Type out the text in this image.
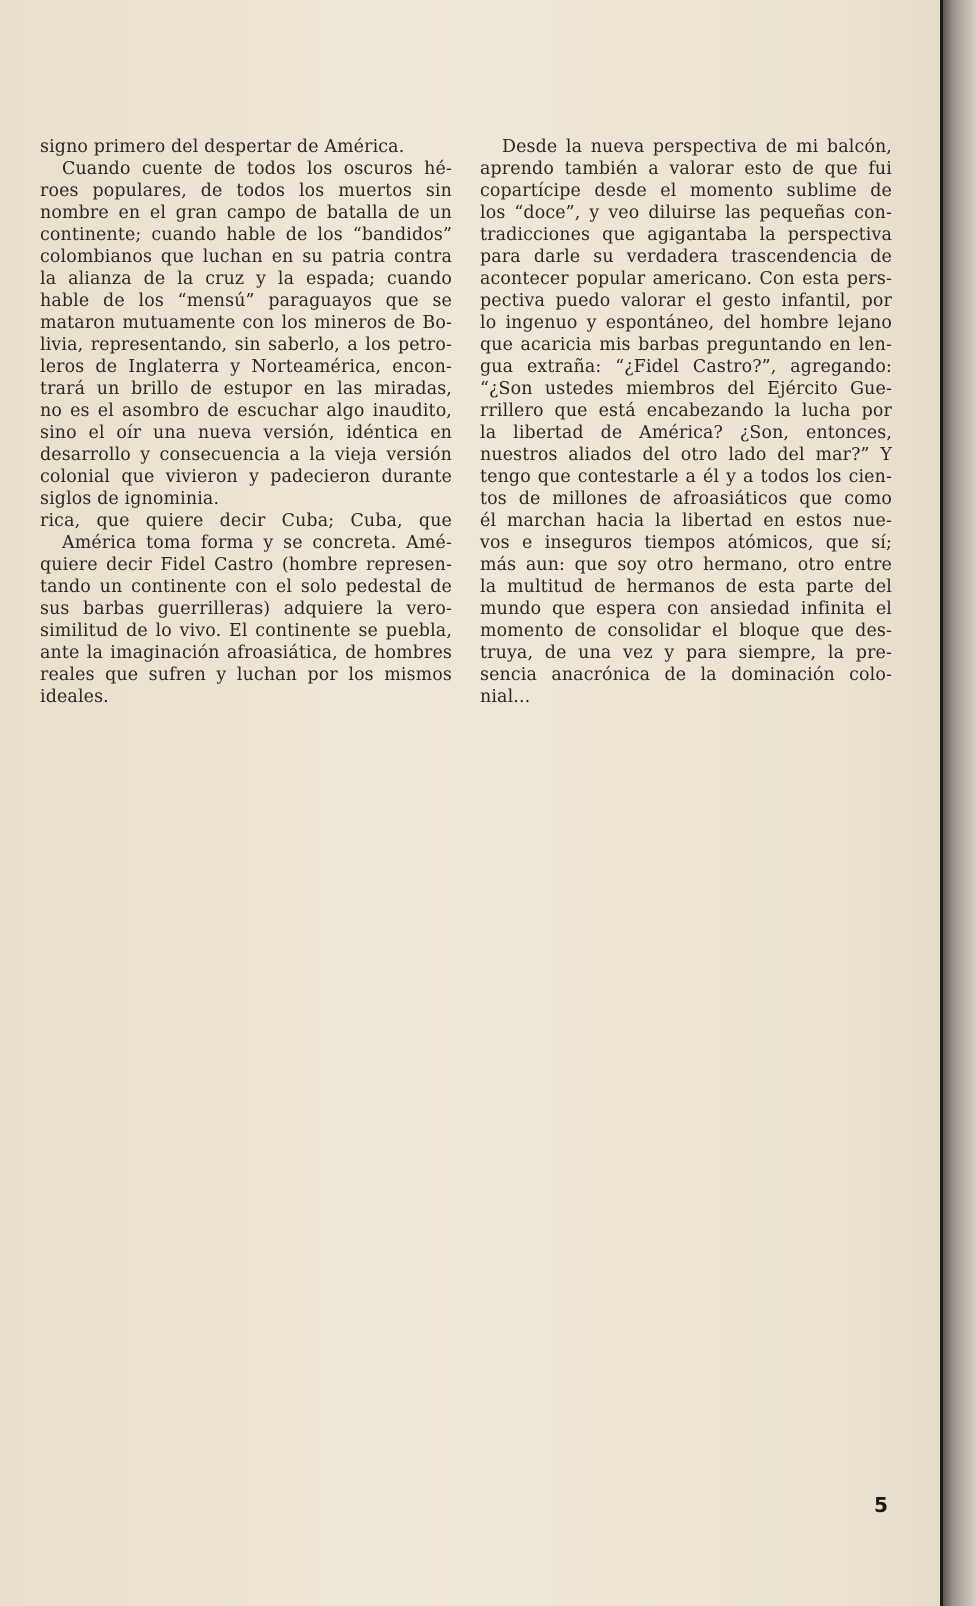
signo primero del despertar de América.
Cuando cuente de todos los oscuros hé-
roes populares, de todos los muertos sin
nombre en el gran campo de batalla de un
continente; cuando hable de los “bandidos”
colombianos que luchan en su patria contra
la alianza de la cruz y la espada; cuando
hable de los “mensú” paraguayos que se
mataron mutuamente con los mineros de Bo-
livia, representando, sin saberlo, a los petro-
leros de Inglaterra y Norteamérica, encon-
trará un brillo de estupor en las miradas,
no es el asombro de escuchar algo inaudito,
sino el oír una nueva versión, idéntica en
desarrollo y consecuencia a la vieja versión
colonial que vivieron y padecieron durante
siglos de ignominia.
rica, que quiere decir Cuba; Cuba, que
América toma forma y se concreta. Amé-
quiere decir Fidel Castro (hombre represen-
tando un continente con el solo pedestal de
sus barbas guerrilleras) adquiere la vero-
similitud de lo vivo. El continente se puebla,
ante la imaginación afroasiática, de hombres
reales que sufren y luchan por los mismos
ideales.
Desde la nueva perspectiva de mi balcón,
aprendo también a valorar esto de que fui
copartícipe desde el momento sublime de
los “doce”, y veo diluirse las pequeñas con-
tradicciones que agigantaba la perspectiva
para darle su verdadera trascendencia de
acontecer popular americano. Con esta pers-
pectiva puedo valorar el gesto infantil, por
lo ingenuo y espontáneo, del hombre lejano
que acaricia mis barbas preguntando en len-
gua extraña: “¿Fidel Castro?”, agregando:
“¿Son ustedes miembros del Ejército Gue-
rrillero que está encabezando la lucha por
la libertad de América? ¿Son, entonces,
nuestros aliados del otro lado del mar?” Y
tengo que contestarle a él y a todos los cien-
tos de millones de afroasiáticos que como
él marchan hacia la libertad en estos nue-
vos e inseguros tiempos atómicos, que sí;
más aun: que soy otro hermano, otro entre
la multitud de hermanos de esta parte del
mundo que espera con ansiedad infinita el
momento de consolidar el bloque que des-
truya, de una vez y para siempre, la pre-
sencia anacrónica de la dominación colo-
nial...
5
